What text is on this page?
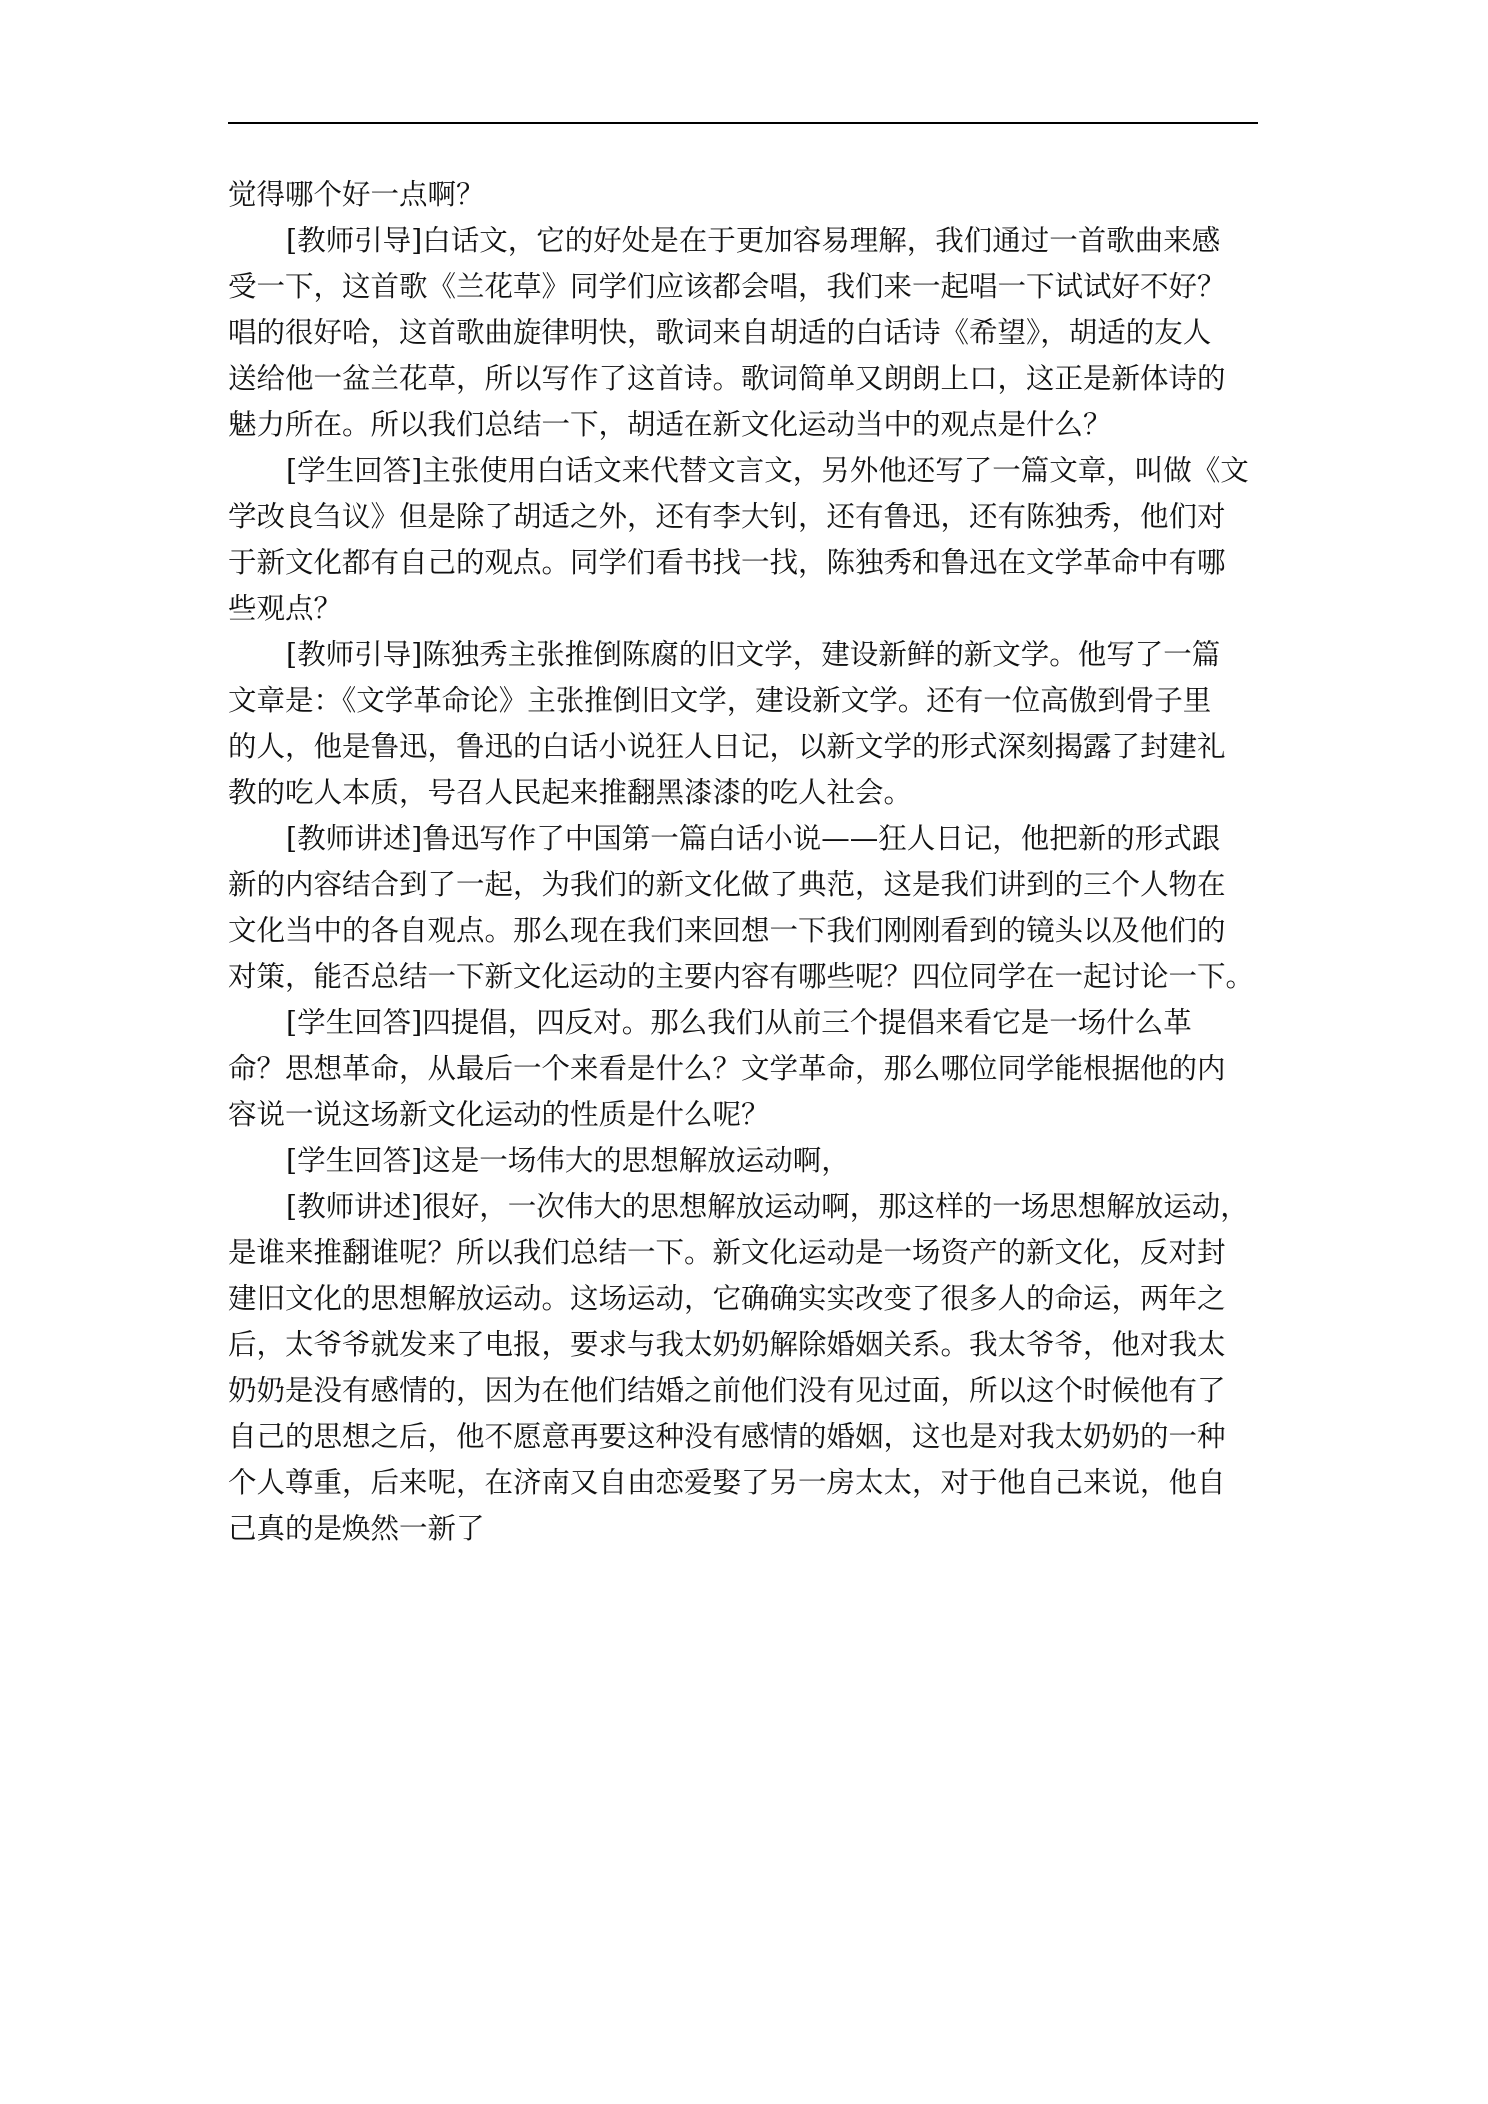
觉得哪个好一点啊？
[教师引导]白话文，它的好处是在于更加容易理解，我们通过一首歌曲来感
受一下，这首歌《兰花草》同学们应该都会唱，我们来一起唱一下试试好不好？
唱的很好哈，这首歌曲旋律明快，歌词来自胡适的白话诗《希望》，胡适的友人
送给他一盆兰花草，所以写作了这首诗。歌词简单又朗朗上口，这正是新体诗的
魅力所在。所以我们总结一下，胡适在新文化运动当中的观点是什么？
[学生回答]主张使用白话文来代替文言文，另外他还写了一篇文章，叫做《文
学改良刍议》但是除了胡适之外，还有李大钊，还有鲁迅，还有陈独秀，他们对
于新文化都有自己的观点。同学们看书找一找，陈独秀和鲁迅在文学革命中有哪
些观点？
[教师引导]陈独秀主张推倒陈腐的旧文学，建设新鲜的新文学。他写了一篇
文章是：《文学革命论》主张推倒旧文学，建设新文学。还有一位高傲到骨子里
的人，他是鲁迅，鲁迅的白话小说狂人日记，以新文学的形式深刻揭露了封建礼
教的吃人本质，号召人民起来推翻黑漆漆的吃人社会。
[教师讲述]鲁迅写作了中国第一篇白话小说——狂人日记，他把新的形式跟
新的内容结合到了一起，为我们的新文化做了典范，这是我们讲到的三个人物在
文化当中的各自观点。那么现在我们来回想一下我们刚刚看到的镜头以及他们的
对策，能否总结一下新文化运动的主要内容有哪些呢？四位同学在一起讨论一下。
[学生回答]四提倡，四反对。那么我们从前三个提倡来看它是一场什么革
命？思想革命，从最后一个来看是什么？文学革命，那么哪位同学能根据他的内
容说一说这场新文化运动的性质是什么呢？
[学生回答]这是一场伟大的思想解放运动啊，
[教师讲述]很好，一次伟大的思想解放运动啊，那这样的一场思想解放运动，
是谁来推翻谁呢？所以我们总结一下。新文化运动是一场资产的新文化，反对封
建旧文化的思想解放运动。这场运动，它确确实实改变了很多人的命运，两年之
后，太爷爷就发来了电报，要求与我太奶奶解除婚姻关系。我太爷爷，他对我太
奶奶是没有感情的，因为在他们结婚之前他们没有见过面，所以这个时候他有了
自己的思想之后，他不愿意再要这种没有感情的婚姻，这也是对我太奶奶的一种
个人尊重，后来呢，在济南又自由恋爱娶了另一房太太，对于他自己来说，他自
己真的是焕然一新了
